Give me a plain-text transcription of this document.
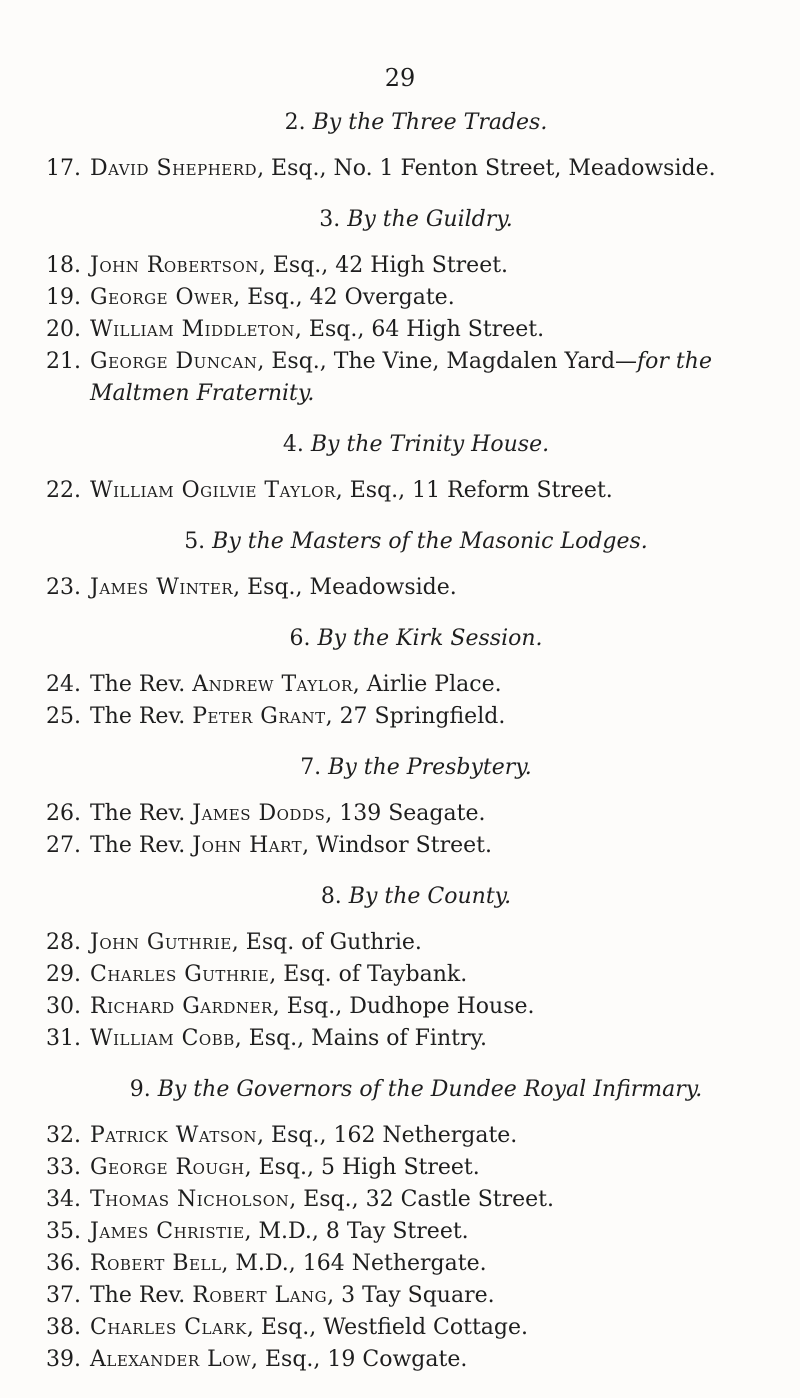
29

2. By the Three Trades.

17. David Shepherd, Esq., No. 1 Fenton Street, Meadowside.

3. By the Guildry.

18. John Robertson, Esq., 42 High Street.

19. George Ower, Esq., 42 Overgate.

20. William Middleton, Esq., 64 High Street.

21. George Duncan, Esq., The Vine, Magdalen Yard—for the

Maltmen Fraternity.

4. By the Trinity House.

22. William Ogilvie Taylor, Esq., 11 Reform Street.

5. By the Masters of the Masonic Lodges.

23. James Winter, Esq., Meadowside.

6. By the Kirk Session.

24. The Rev. Andrew Taylor, Airlie Place.

25. The Rev. Peter Grant, 27 Springfield.

7. By the Presbytery.

26. The Rev. James Dodds, 139 Seagate.

27. The Rev. John Hart, Windsor Street.

8. By the County.

28. John Guthrie, Esq. of Guthrie.

29. Charles Guthrie, Esq. of Taybank.

30. Richard Gardner, Esq., Dudhope House.

31. William Cobb, Esq., Mains of Fintry.

9. By the Governors of the Dundee Royal Infirmary.

32. Patrick Watson, Esq., 162 Nethergate.

33. George Rough, Esq., 5 High Street.

34. Thomas Nicholson, Esq., 32 Castle Street.

35. James Christie, M.D., 8 Tay Street.

36. Robert Bell, M.D., 164 Nethergate.

37. The Rev. Robert Lang, 3 Tay Square.

38. Charles Clark, Esq., Westfield Cottage.

39. Alexander Low, Esq., 19 Cowgate.
